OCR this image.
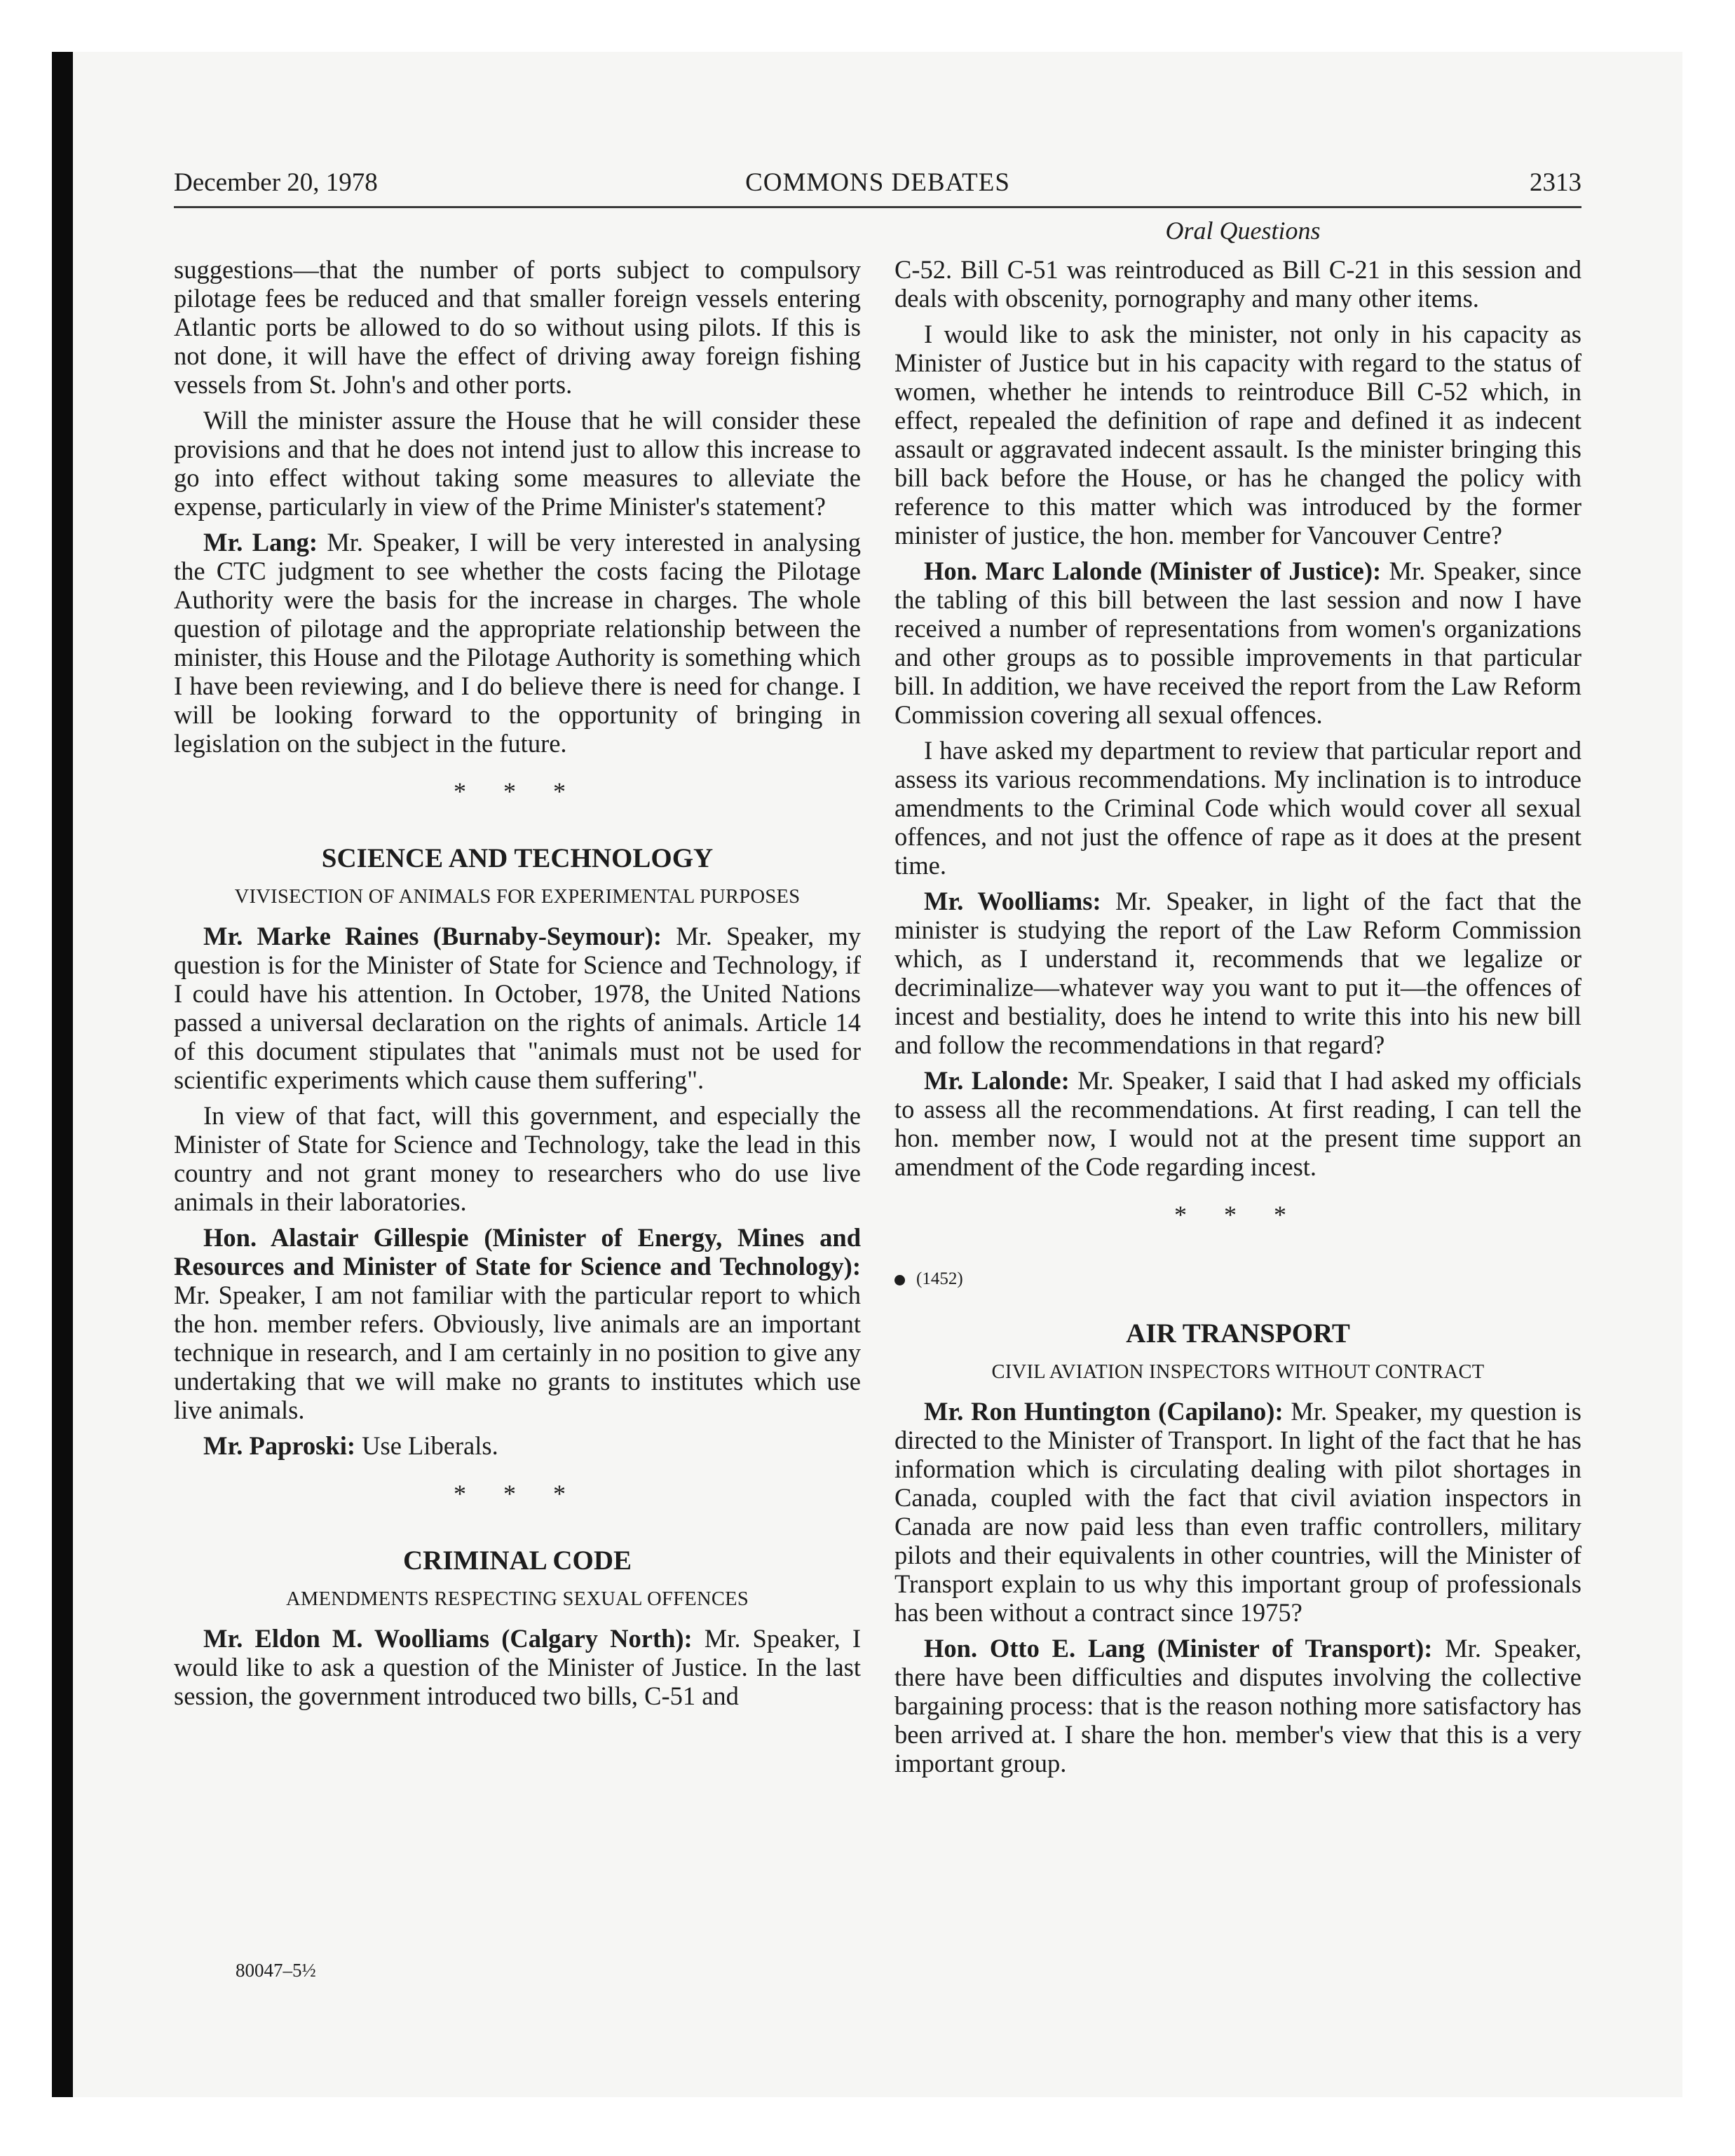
December 20, 1978	COMMONS DEBATES	2313
Oral Questions

suggestions—that the number of ports subject to compulsory pilotage fees be reduced and that smaller foreign vessels entering Atlantic ports be allowed to do so without using pilots. If this is not done, it will have the effect of driving away foreign fishing vessels from St. John's and other ports.

Will the minister assure the House that he will consider these provisions and that he does not intend just to allow this increase to go into effect without taking some measures to alleviate the expense, particularly in view of the Prime Minister's statement?

Mr. Lang: Mr. Speaker, I will be very interested in analysing the CTC judgment to see whether the costs facing the Pilotage Authority were the basis for the increase in charges. The whole question of pilotage and the appropriate relationship between the minister, this House and the Pilotage Authority is something which I have been reviewing, and I do believe there is need for change. I will be looking forward to the opportunity of bringing in legislation on the subject in the future.

* * *
SCIENCE AND TECHNOLOGY
VIVISECTION OF ANIMALS FOR EXPERIMENTAL PURPOSES

Mr. Marke Raines (Burnaby-Seymour): Mr. Speaker, my question is for the Minister of State for Science and Technology, if I could have his attention. In October, 1978, the United Nations passed a universal declaration on the rights of animals. Article 14 of this document stipulates that "animals must not be used for scientific experiments which cause them suffering".

In view of that fact, will this government, and especially the Minister of State for Science and Technology, take the lead in this country and not grant money to researchers who do use live animals in their laboratories.

Hon. Alastair Gillespie (Minister of Energy, Mines and Resources and Minister of State for Science and Technology): Mr. Speaker, I am not familiar with the particular report to which the hon. member refers. Obviously, live animals are an important technique in research, and I am certainly in no position to give any undertaking that we will make no grants to institutes which use live animals.

Mr. Paproski: Use Liberals.

* * *
CRIMINAL CODE
AMENDMENTS RESPECTING SEXUAL OFFENCES

Mr. Eldon M. Woolliams (Calgary North): Mr. Speaker, I would like to ask a question of the Minister of Justice. In the last session, the government introduced two bills, C-51 and

C-52. Bill C-51 was reintroduced as Bill C-21 in this session and deals with obscenity, pornography and many other items.

I would like to ask the minister, not only in his capacity as Minister of Justice but in his capacity with regard to the status of women, whether he intends to reintroduce Bill C-52 which, in effect, repealed the definition of rape and defined it as indecent assault or aggravated indecent assault. Is the minister bringing this bill back before the House, or has he changed the policy with reference to this matter which was introduced by the former minister of justice, the hon. member for Vancouver Centre?

Hon. Marc Lalonde (Minister of Justice): Mr. Speaker, since the tabling of this bill between the last session and now I have received a number of representations from women's organizations and other groups as to possible improvements in that particular bill. In addition, we have received the report from the Law Reform Commission covering all sexual offences.

I have asked my department to review that particular report and assess its various recommendations. My inclination is to introduce amendments to the Criminal Code which would cover all sexual offences, and not just the offence of rape as it does at the present time.

Mr. Woolliams: Mr. Speaker, in light of the fact that the minister is studying the report of the Law Reform Commission which, as I understand it, recommends that we legalize or decriminalize—whatever way you want to put it—the offences of incest and bestiality, does he intend to write this into his new bill and follow the recommendations in that regard?

Mr. Lalonde: Mr. Speaker, I said that I had asked my officials to assess all the recommendations. At first reading, I can tell the hon. member now, I would not at the present time support an amendment of the Code regarding incest.

* * *
(1452)
AIR TRANSPORT
CIVIL AVIATION INSPECTORS WITHOUT CONTRACT

Mr. Ron Huntington (Capilano): Mr. Speaker, my question is directed to the Minister of Transport. In light of the fact that he has information which is circulating dealing with pilot shortages in Canada, coupled with the fact that civil aviation inspectors in Canada are now paid less than even traffic controllers, military pilots and their equivalents in other countries, will the Minister of Transport explain to us why this important group of professionals has been without a contract since 1975?

Hon. Otto E. Lang (Minister of Transport): Mr. Speaker, there have been difficulties and disputes involving the collective bargaining process: that is the reason nothing more satisfactory has been arrived at. I share the hon. member's view that this is a very important group.

80047–5½
